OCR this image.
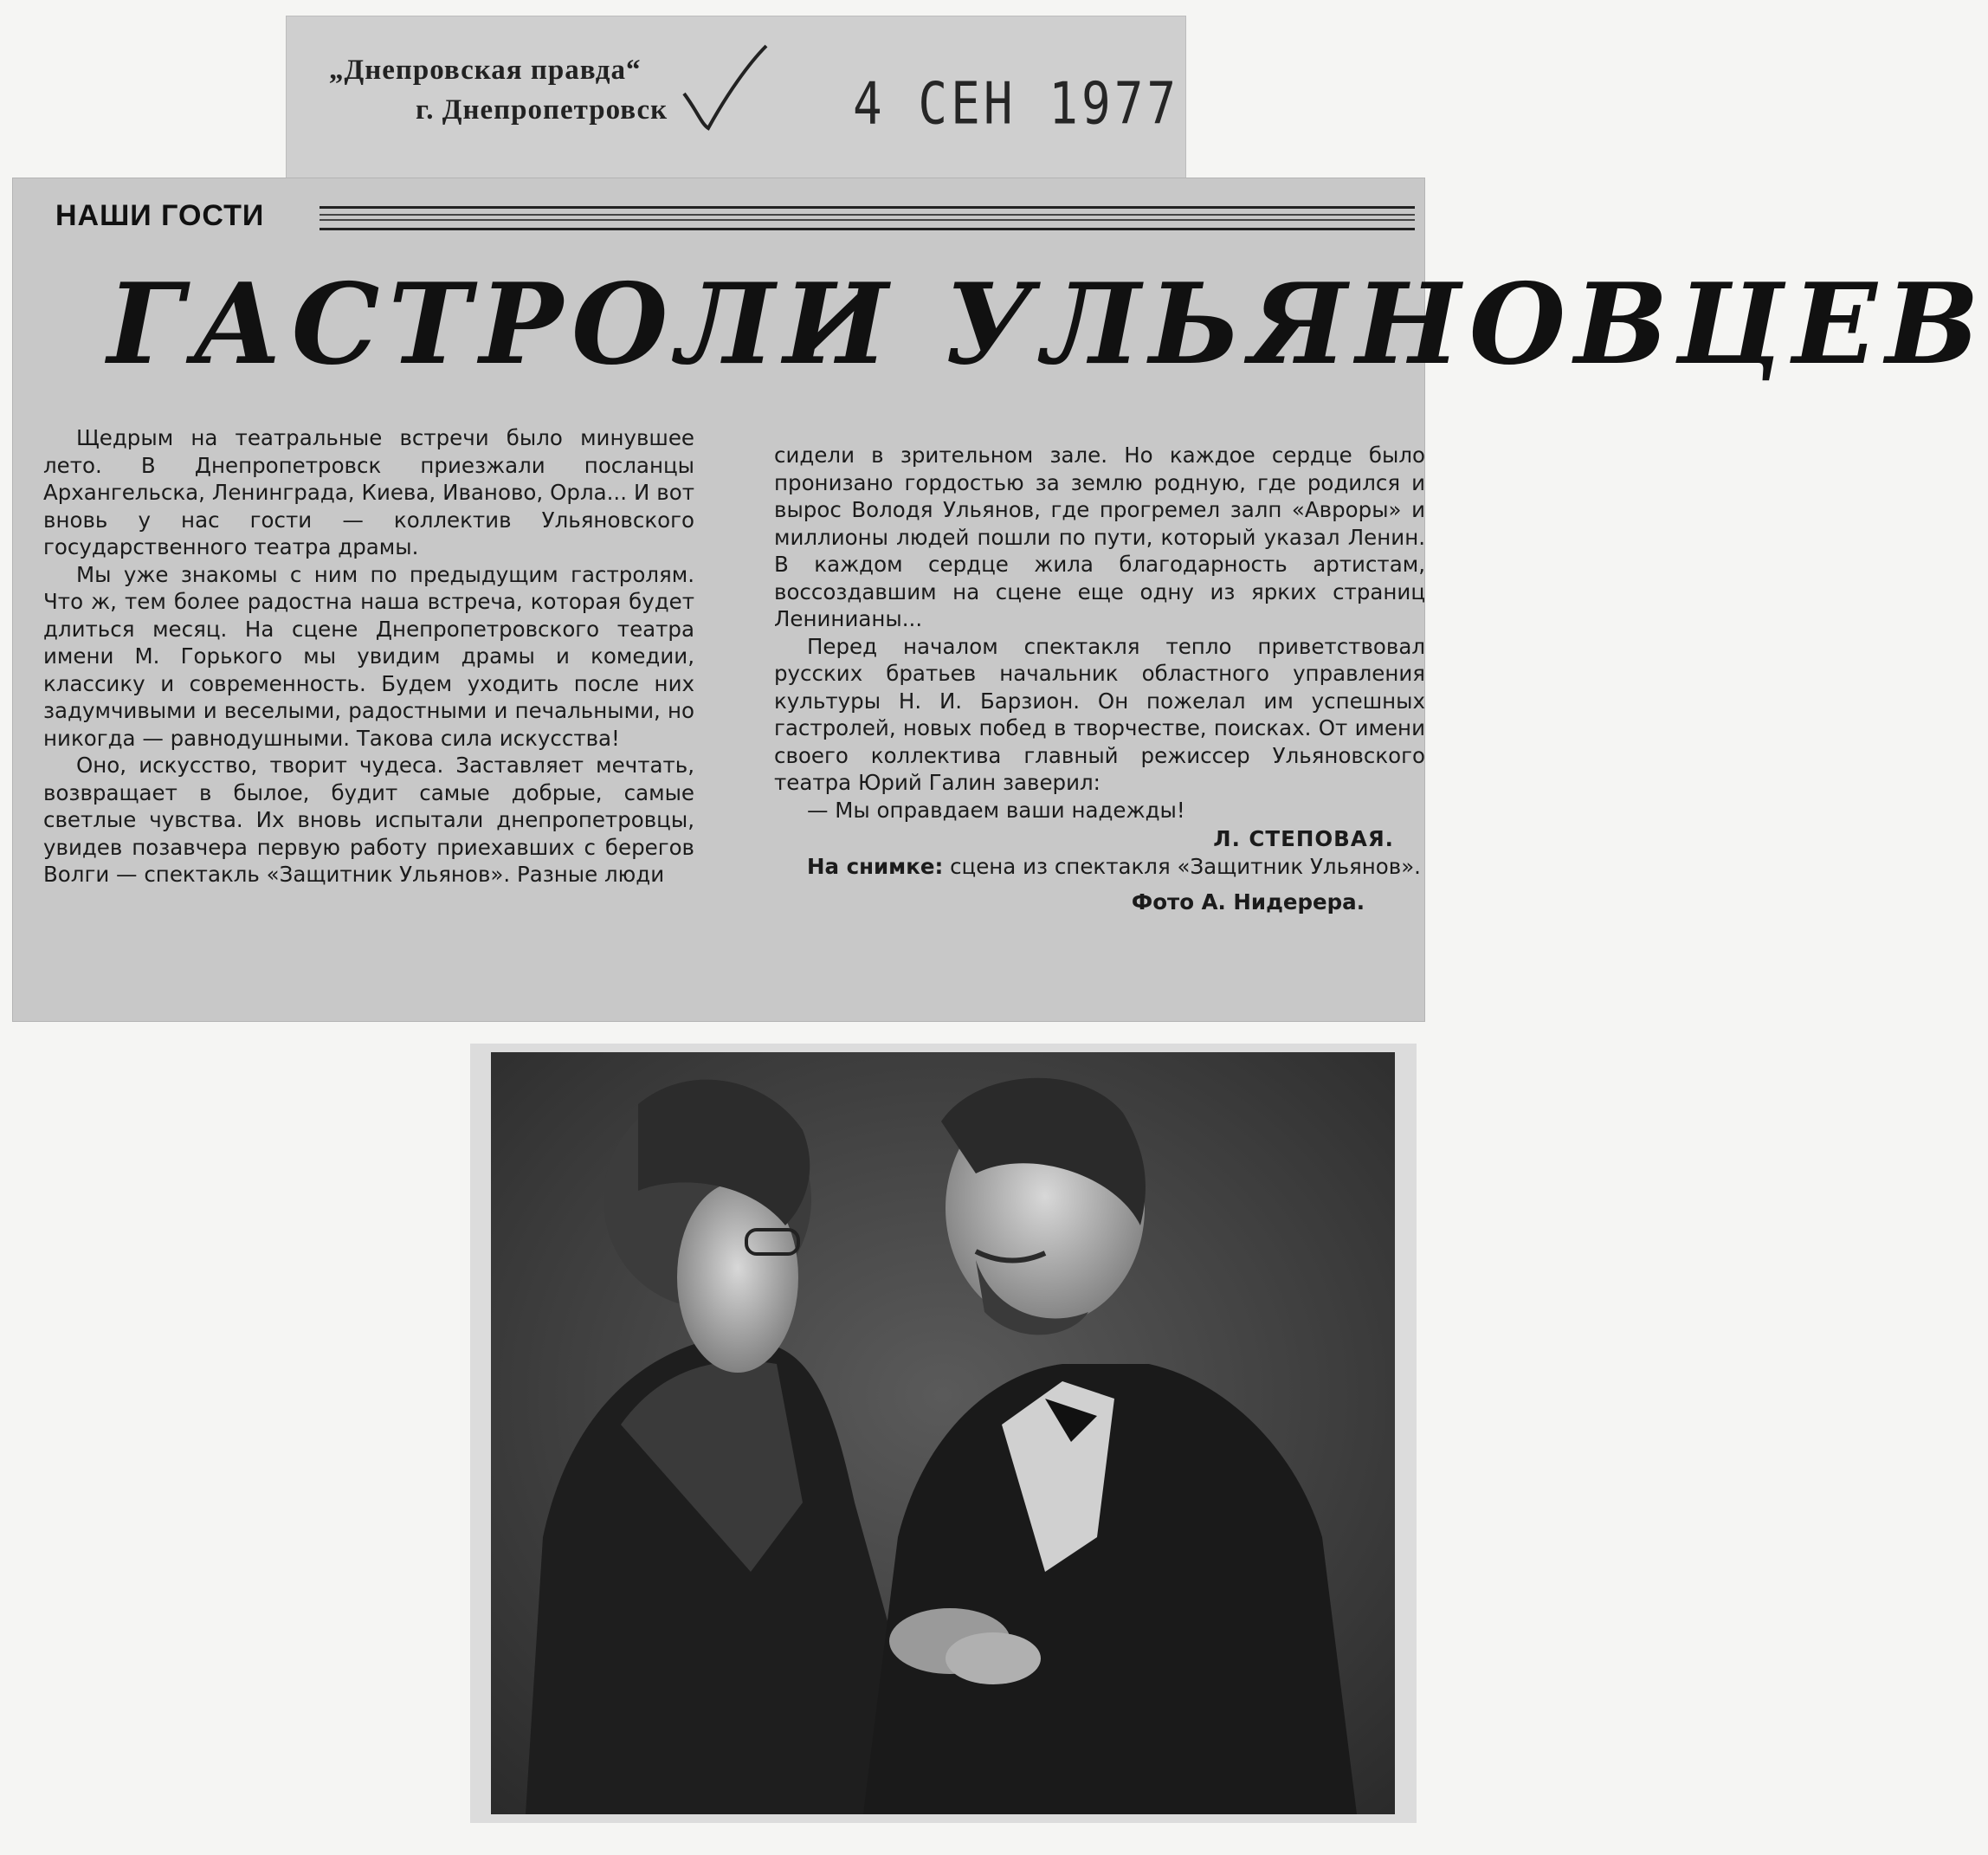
„Днепровская правда“
г. Днепропетровск	4 СЕН 1977
НАШИ ГОСТИ
ГАСТРОЛИ УЛЬЯНОВЦЕВ

Щедрым на театральные встречи было минувшее лето. В Днепропетровск приезжали посланцы Архангельска, Ленинграда, Киева, Иваново, Орла... И вот вновь у нас гости — коллектив Ульяновского государственного театра драмы.

Мы уже знакомы с ним по предыдущим гастролям. Что ж, тем более радостна наша встреча, которая будет длиться месяц. На сцене Днепропетровского театра имени М. Горького мы увидим драмы и комедии, классику и современность. Будем уходить после них задумчивыми и веселыми, радостными и печальными, но никогда — равнодушными. Такова сила искусства!

Оно, искусство, творит чудеса. Заставляет мечтать, возвращает в былое, будит самые добрые, самые светлые чувства. Их вновь испытали днепропетровцы, увидев позавчера первую работу приехавших с берегов Волги — спектакль «Защитник Ульянов». Разные люди

сидели в зрительном зале. Но каждое сердце было пронизано гордостью за землю родную, где родился и вырос Володя Ульянов, где прогремел залп «Авроры» и миллионы людей пошли по пути, который указал Ленин. В каждом сердце жила благодарность артистам, воссоздавшим на сцене еще одну из ярких страниц Ленинианы...

Перед началом спектакля тепло приветствовал русских братьев начальник областного управления культуры Н. И. Барзион. Он пожелал им успешных гастролей, новых побед в творчестве, поисках. От имени своего коллектива главный режиссер Ульяновского театра Юрий Галин заверил:

— Мы оправдаем ваши надежды!

Л. СТЕПОВАЯ.

На снимке: сцена из спектакля «Защитник Ульянов».

Фото А. Нидерера.
